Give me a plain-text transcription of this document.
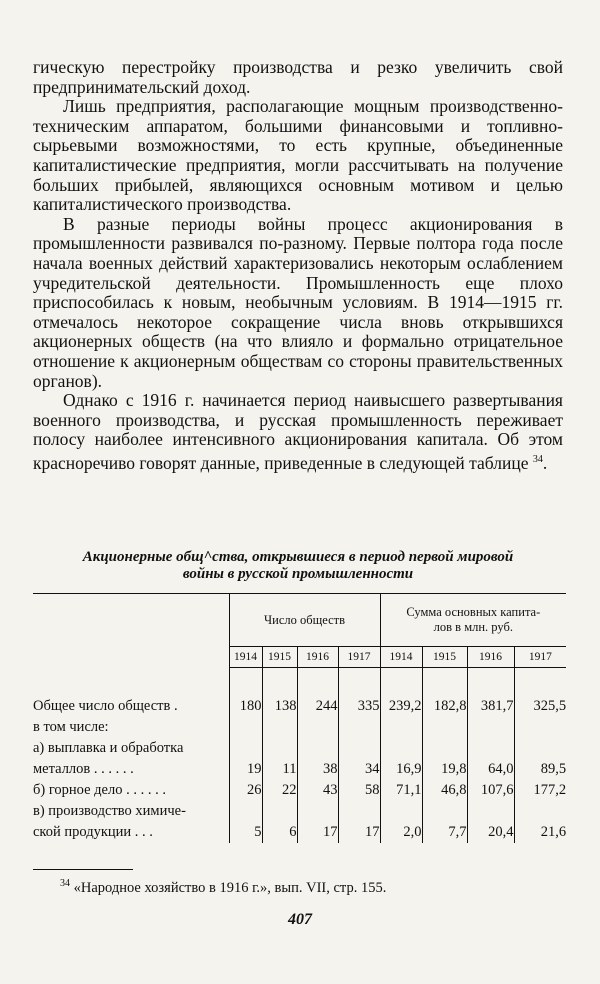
гическую перестройку производства и резко увеличить свой предпринимательский доход.

Лишь предприятия, располагающие мощным производственно-техническим аппаратом, большими финансовыми и топливно-сырьевыми возможностями, то есть крупные, объединенные капиталистические предприятия, могли рассчитывать на получение больших прибылей, являющихся основным мотивом и целью капиталистического производства.

В разные периоды войны процесс акционирования в промышленности развивался по-разному. Первые полтора года после начала военных действий характеризовались некоторым ослаблением учредительской деятельности. Промышленность еще плохо приспособилась к новым, необычным условиям. В 1914—1915 гг. отмечалось некоторое сокращение числа вновь открывшихся акционерных обществ (на что влияло и формально отрицательное отношение к акционерным обществам со стороны правительственных органов).

Однако с 1916 г. начинается период наивысшего развертывания военного производства, и русская промышленность переживает полосу наиболее интенсивного акционирования капитала. Об этом красноречиво говорят данные, приведенные в следующей таблице $^{34}$.

Акционерные общ^ства, открывшиеся в период первой мировой
войны в русской промышленности
	Число обществ				Сумма основных капита-
лов в млн. руб.			

	1914	1915	1916	1917	1914	1915	1916	1917

Общее число обществ .	180	138	244	335	239,2	182,8	381,7	325,5
в том числе:								
а) выплавка и обработка								
металлов . . . . . .	19	11	38	34	16,9	19,8	64,0	89,5
б) горное дело . . . . . .	26	22	43	58	71,1	46,8	107,6	177,2
в) производство химиче-								
ской продукции . . .	5	6	17	17	2,0	7,7	20,4	21,6
$^{34}$ «Народное хозяйство в 1916 г.», вып. VII, стр. 155.
407
